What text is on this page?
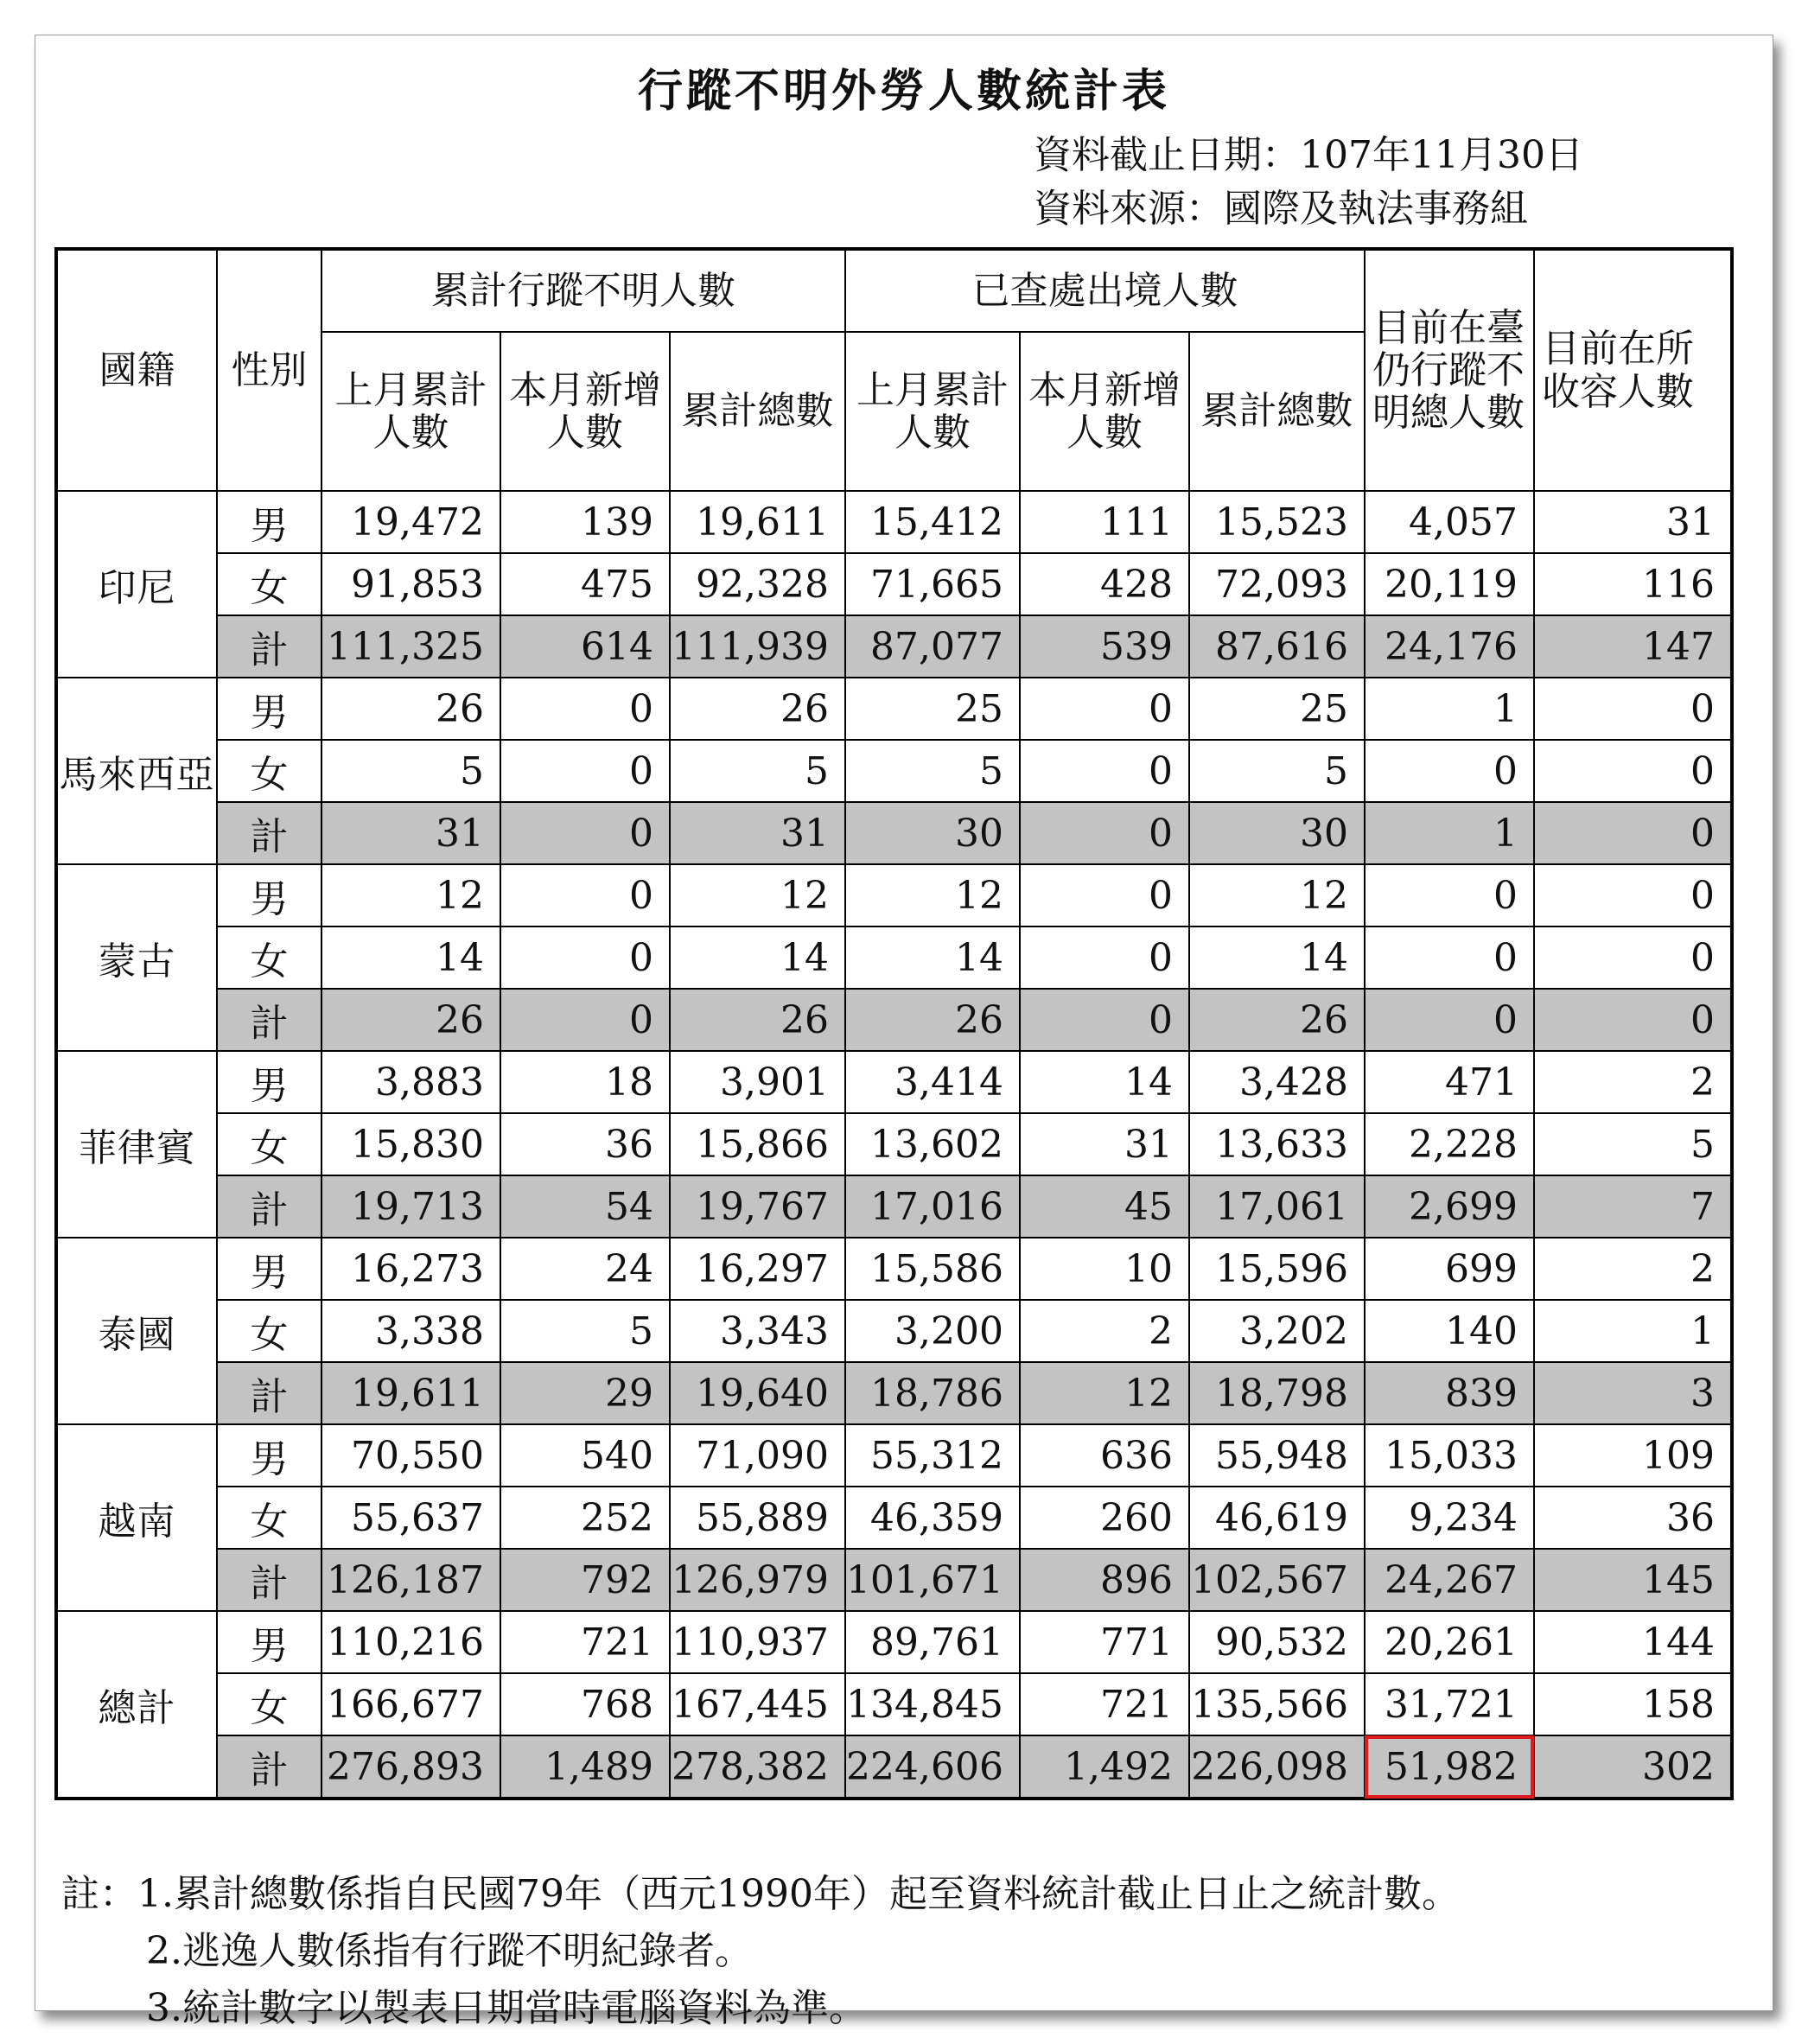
行蹤不明外勞人數統計表
資料截止日期：107年11月30日
資料來源：國際及執法事務組
國籍	性別	累計行蹤不明人數			已查處出境人數			目前在臺仍行蹤不明總人數	目前在所收容人數
		上月累計人數	本月新增人數	累計總數	上月累計人數	本月新增人數	累計總數		
印尼	男	19,472	139	19,611	15,412	111	15,523	4,057	31
	女	91,853	475	92,328	71,665	428	72,093	20,119	116
	計	111,325	614	111,939	87,077	539	87,616	24,176	147
馬來西亞	男	26	0	26	25	0	25	1	0
	女	5	0	5	5	0	5	0	0
	計	31	0	31	30	0	30	1	0
蒙古	男	12	0	12	12	0	12	0	0
	女	14	0	14	14	0	14	0	0
	計	26	0	26	26	0	26	0	0
菲律賓	男	3,883	18	3,901	3,414	14	3,428	471	2
	女	15,830	36	15,866	13,602	31	13,633	2,228	5
	計	19,713	54	19,767	17,016	45	17,061	2,699	7
泰國	男	16,273	24	16,297	15,586	10	15,596	699	2
	女	3,338	5	3,343	3,200	2	3,202	140	1
	計	19,611	29	19,640	18,786	12	18,798	839	3
越南	男	70,550	540	71,090	55,312	636	55,948	15,033	109
	女	55,637	252	55,889	46,359	260	46,619	9,234	36
	計	126,187	792	126,979	101,671	896	102,567	24,267	145
總計	男	110,216	721	110,937	89,761	771	90,532	20,261	144
	女	166,677	768	167,445	134,845	721	135,566	31,721	158
	計	276,893	1,489	278,382	224,606	1,492	226,098	51,982	302
註：1.累計總數係指自民國79年（西元1990年）起至資料統計截止日止之統計數。
2.逃逸人數係指有行蹤不明紀錄者。
3.統計數字以製表日期當時電腦資料為準。
